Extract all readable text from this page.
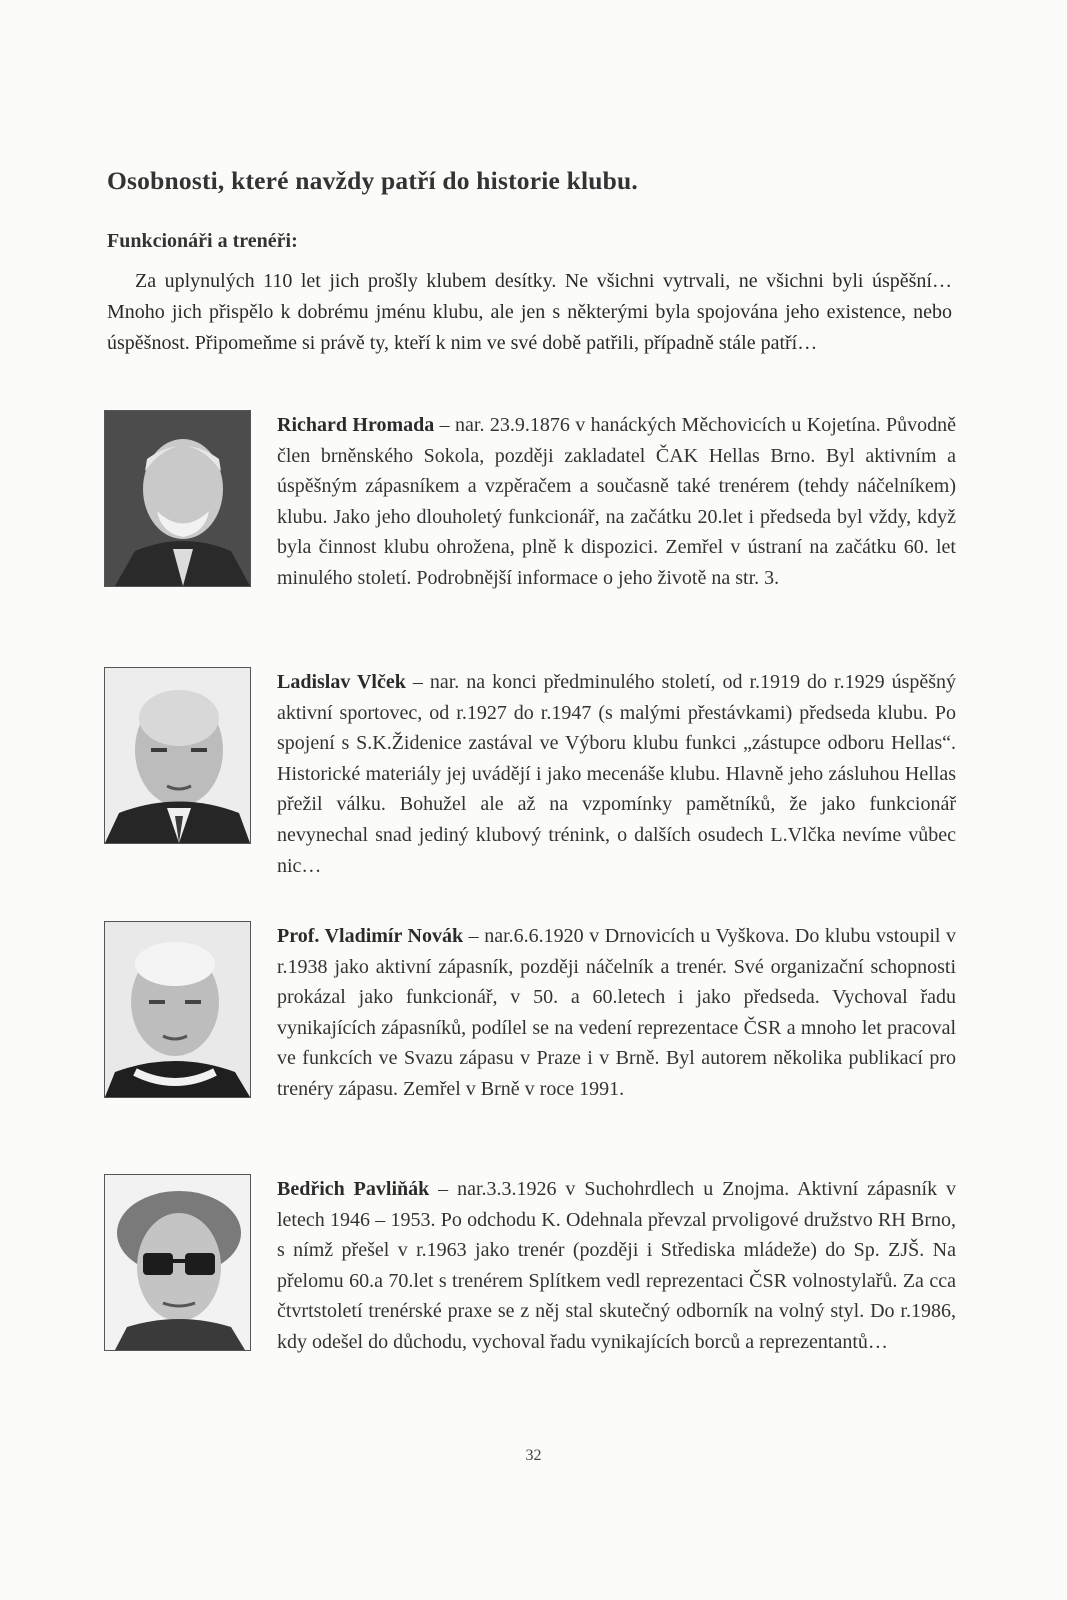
Osobnosti, které navždy patří do historie klubu.
Funkcionáři a trenéři:
Za uplynulých 110 let jich prošly klubem desítky. Ne všichni vytrvali, ne všichni byli úspěšní…Mnoho jich přispělo k dobrému jménu klubu, ale jen s některými byla spojována jeho existence, nebo úspěšnost. Připomeňme si právě ty, kteří k nim ve své době patřili, případně stále patří…
Richard Hromada – nar. 23.9.1876 v hanáckých Měchovicích u Kojetína. Původně člen brněnského Sokola, později zakladatel ČAK Hellas Brno. Byl aktivním a úspěšným zápasníkem a vzpěračem a současně také trenérem (tehdy náčelníkem) klubu. Jako jeho dlouholetý funkcionář, na začátku 20.let i předseda byl vždy, když byla činnost klubu ohrožena, plně k dispozici. Zemřel v ústraní na začátku 60. let minulého století. Podrobnější informace o jeho životě na str. 3.
Ladislav Vlček – nar. na konci předminulého století, od r.1919 do r.1929 úspěšný aktivní sportovec, od r.1927 do r.1947 (s malými přestávkami) předseda klubu. Po spojení s S.K.Židenice zastával ve Výboru klubu funkci „zástupce odboru Hellas“. Historické materiály jej uvádějí i jako mecenáše klubu. Hlavně jeho zásluhou Hellas přežil válku. Bohužel ale až na vzpomínky pamětníků, že jako funkcionář nevynechal snad jediný klubový trénink, o dalších osudech L.Vlčka nevíme vůbec nic…
Prof. Vladimír Novák – nar.6.6.1920 v Drnovicích u Vyškova. Do klubu vstoupil v r.1938 jako aktivní zápasník, později náčelník a trenér. Své organizační schopnosti prokázal jako funkcionář, v 50. a 60.letech i jako předseda. Vychoval řadu vynikajících zápasníků, podílel se na vedení reprezentace ČSR a mnoho let pracoval ve funkcích ve Svazu zápasu v Praze i v Brně. Byl autorem několika publikací pro trenéry zápasu. Zemřel v Brně v roce 1991.
Bedřich Pavliňák – nar.3.3.1926 v Suchohrdlech u Znojma. Aktivní zápasník v letech 1946 – 1953. Po odchodu K. Odehnala převzal prvoligové družstvo RH Brno, s nímž přešel v r.1963 jako trenér (později i Střediska mládeže) do Sp. ZJŠ. Na přelomu 60.a 70.let s trenérem Splítkem vedl reprezentaci ČSR volnostylařů. Za cca čtvrtstoletí trenérské praxe se z něj stal skutečný odborník na volný styl. Do r.1986, kdy odešel do důchodu, vychoval řadu vynikajících borců a reprezentantů…
32
